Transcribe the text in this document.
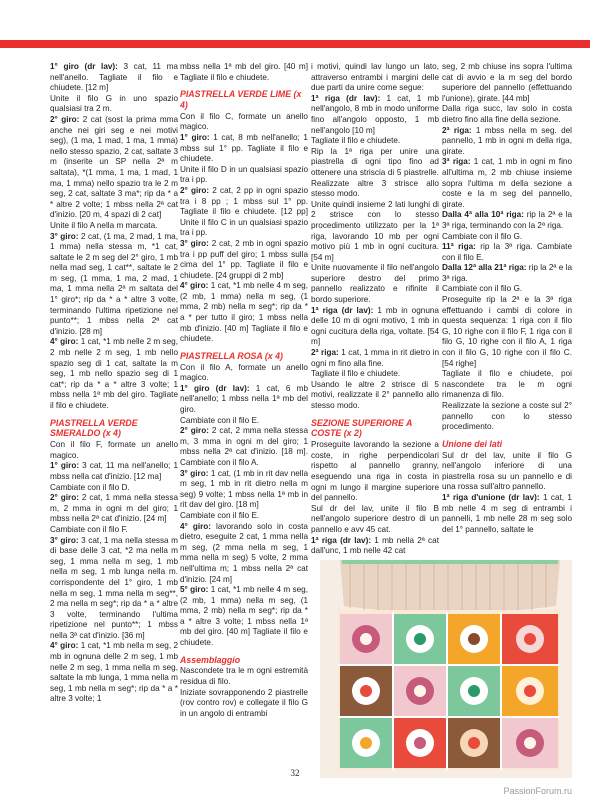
1° giro (dr lav): 3 cat, 11 ma nell'anello. Tagliate il filo e chiudete. [12 m]

Unite il filo G in uno spazio qualsiasi tra 2 m.

2° giro: 2 cat (sost la prima mma anche nei giri seg e nei motivi seg), (1 ma, 1 mad, 1 ma, 1 mma) nello stesso spazio, 2 cat, saltate 3 m (inserite un SP nella 2ª m saltata), *(1 mma, 1 ma, 1 mad, 1 ma, 1 mma) nello spazio tra le 2 m seg, 2 cat, saltate 3 ma*; rip da * a * altre 2 volte; 1 mbss nella 2ª cat d'inizio. [20 m, 4 spazi di 2 cat]

Unite il filo A nella m marcata.

3° giro: 2 cat, (1 ma, 2 mad, 1 ma, 1 mma) nella stessa m, *1 cat, saltate le 2 m seg del 2° giro, 1 mb nella mad seg, 1 cat**, saltate le 2 m seg, (1 mma, 1 ma, 2 mad, 1 ma, 1 mma nella 2ª m saltata del 1° giro*; rip da * a * altre 3 volte, terminando l'ultima ripetizione nel punto**; 1 mbss nella 2ª cat d'inizio. [28 m]

4° giro: 1 cat, *1 mb nelle 2 m seg, 2 mb nelle 2 m seg, 1 mb nello spazio seg di 1 cat, saltate la m seg, 1 mb nello spazio seg di 1 cat*; rip da * a * altre 3 volte; 1 mbss nella 1ª mb del giro. Tagliate il filo e chiudete.

PIASTRELLA VERDE SMERALDO (x 4)

Con il filo F, formate un anello magico.

1° giro: 3 cat, 11 ma nell'anello; 1 mbss nella cat d'inizio. [12 ma]

Cambiate con il filo D.

2° giro: 2 cat, 1 mma nella stessa m, 2 mma in ogni m del giro; 1 mbss nella 2ª cat d'inizio. [24 m]

Cambiate con il filo F.

3° giro: 3 cat, 1 ma nella stessa m di base delle 3 cat, *2 ma nella m seg, 1 mma nella m seg, 1 mb nella m seg, 1 mb lunga nella m. corrispondente del 1° giro, 1 mb nella m seg, 1 mma nella m seg**, 2 ma nella m seg*; rip da * a * altre 3 volte, terminando l'ultima ripetizione nel punto**; 1 mbss nella 3ª cat d'inizio. [36 m]

4° giro: 1 cat, *1 mb nella m seg, 2 mb in ognuna delle 2 m seg, 1 mb nelle 2 m seg, 1 mma nella m seg, saltate la mb lunga, 1 mma nella m seg, 1 mb nella m seg*; rip da * a * altre 3 volte; 1

mbss nella 1ª mb del giro. [40 m] Tagliate il filo e chiudete.

PIASTRELLA VERDE LIME (x 4)

Con il filo C, formate un anello magico.

1° giro: 1 cat, 8 mb nell'anello; 1 mbss sul 1° pp. Tagliate il filo e chiudete.

Unite il filo D in un qualsiasi spazio tra i pp.

2° giro: 2 cat, 2 pp in ogni spazio tra i 8 pp ; 1 mbss sul 1° pp. Tagliate il filo e chiudete. [12 pp] Unite il filo C in un qualsiasi spazio tra i pp.

3° giro: 2 cat, 2 mb in ogni spazio tra i pp puff del giro; 1 mbss sulla cima del 1° pp. Tagliate il filo e chiudete. [24 gruppi di 2 mb]

4° giro: 1 cat, *1 mb nelle 4 m seg, (2 mb, 1 mma) nella m seg, (1 mma, 2 mb) nella m seg*; rip da * a * per tutto il giro; 1 mbss nella mb d'inizio. [40 m] Tagliate il filo e chiudete.

PIASTRELLA ROSA (x 4)

Con il filo A, formate un anello magico.

1° giro (dr lav): 1 cat, 6 mb nell'anello; 1 mbss nella 1ª mb del giro.

Cambiate con il filo E.

2° giro: 2 cat, 2 mma nella stessa m, 3 mma in ogni m del giro; 1 mbss nella 2ª cat d'inizio. [18 m]. Cambiate con il filo A.

3° giro: 1 cat, (1 mb in rit dav nella m seg, 1 mb in rit dietro nella m seg) 9 volte; 1 mbss nella 1ª mb in rit dav del giro. [18 m]

Cambiate con il filo E.

4° giro: lavorando solo in costa dietro, eseguite 2 cat, 1 mma nella m seg, (2 mma nella m seg, 1 mma nella m seg) 5 volte, 2 mma nell'ultima m; 1 mbss nella 2ª cat d'inizio. [24 m]

5° giro: 1 cat, *1 mb nelle 4 m seg, (2 mb, 1 mma) nella m seg, (1 mma, 2 mb) nella m seg*; rip da * a * altre 3 volte; 1 mbss nella 1ª mb del giro. [40 m] Tagliate il filo e chiudete.

Assemblaggio

Nascondete tra le m ogni estremità residua di filo.

Iniziate sovrapponendo 2 piastrelle (rov contro rov) e collegate il filo G in un angolo di entrambi

i motivi, quindi lav lungo un lato, attraverso entrambi i margini delle due parti da unire come segue:

1ª riga (dr lav): 1 cat, 1 mb nell'angolo, 8 mb in modo uniforme fino all'angolo opposto, 1 mb nell'angolo [10 m]

Tagliate il filo e chiudete.

Rip la 1ª riga per unire una piastrella di ogni tipo fino ad ottenere una striscia di 5 piastrelle. Realizzate altre 3 strisce allo stesso modo.

Unite quindi insieme 2 lati lunghi di 2 strisce con lo stesso procedimento utilizzato per la 1ª riga, lavorando 10 mb per ogni motivo più 1 mb in ogni cucitura. [54 m]

Unite nuovamente il filo nell'angolo superiore destro del primo pannello realizzato e rifinite il bordo superiore.

1ª riga (dr lav): 1 mb in ognuna delle 10 m di ogni motivo, 1 mb in ogni cucitura della riga, voltate. [54 m]

2ª riga: 1 cat, 1 mma in rit dietro in ogni m fino alla fine.

Tagliate il filo e chiudete.

Usando le altre 2 strisce di 5 motivi, realizzate il 2° pannello allo stesso modo.

SEZIONE SUPERIORE A COSTE (x 2)

Proseguite lavorando la sezione a coste, in righe perpendicolari rispetto al pannello granny, eseguendo una riga in costa in ogni m lungo il margine superiore del pannello.

Sul dr del lav, unite il filo B nell'angolo superiore destro di un pannello e avv 45 cat.

1ª riga (dr lav): 1 mb nella 2ª cat dall'unc, 1 mb nelle 42 cat

seg, 2 mb chiuse ins sopra l'ultima cat di avvio e la m seg del bordo superiore del pannello (effettuando l'unione), girate. [44 mb]

Dalla riga succ, lav solo in costa dietro fino alla fine della sezione.

2ª riga: 1 mbss nella m seg. del pannello, 1 mb in ogni m della riga, girate.

3ª riga: 1 cat, 1 mb in ogni m fino all'ultima m, 2 mb chiuse insieme sopra l'ultima m della sezione a coste e la m seg del pannello, girate.

Dalla 4ª alla 10ª riga: rip la 2ª e la 3ª riga, terminando con la 2ª riga.

Cambiate con il filo G.

11ª riga: rip la 3ª riga. Cambiate con il filo E.

Dalla 12ª alla 21ª riga: rip la 2ª e la 3ª riga.

Cambiate con il filo G.

Proseguite rip la 2ª e la 3ª riga effettuando i cambi di colore in questa sequenza: 1 riga con il filo G, 10 righe con il filo F, 1 riga con il filo G, 10 righe con il filo A, 1 riga con il filo G, 10 righe con il filo C. [54 righe]

Tagliate il filo e chiudete, poi nascondete tra le m ogni rimanenza di filo.

Realizzate la sezione a coste sul 2° pannello con lo stesso procedimento.

Unione dei lati

Sul dr del lav, unite il filo G nell'angolo inferiore di una piastrella rosa su un pannello e di una rossa sull'altro pannello.

1ª riga d'unione (dr lav): 1 cat, 1 mb nelle 4 m seg di entrambi i pannelli, 1 mb nelle 28 m seg solo del 1° pannello, saltate le

32
PassionForum.ru
